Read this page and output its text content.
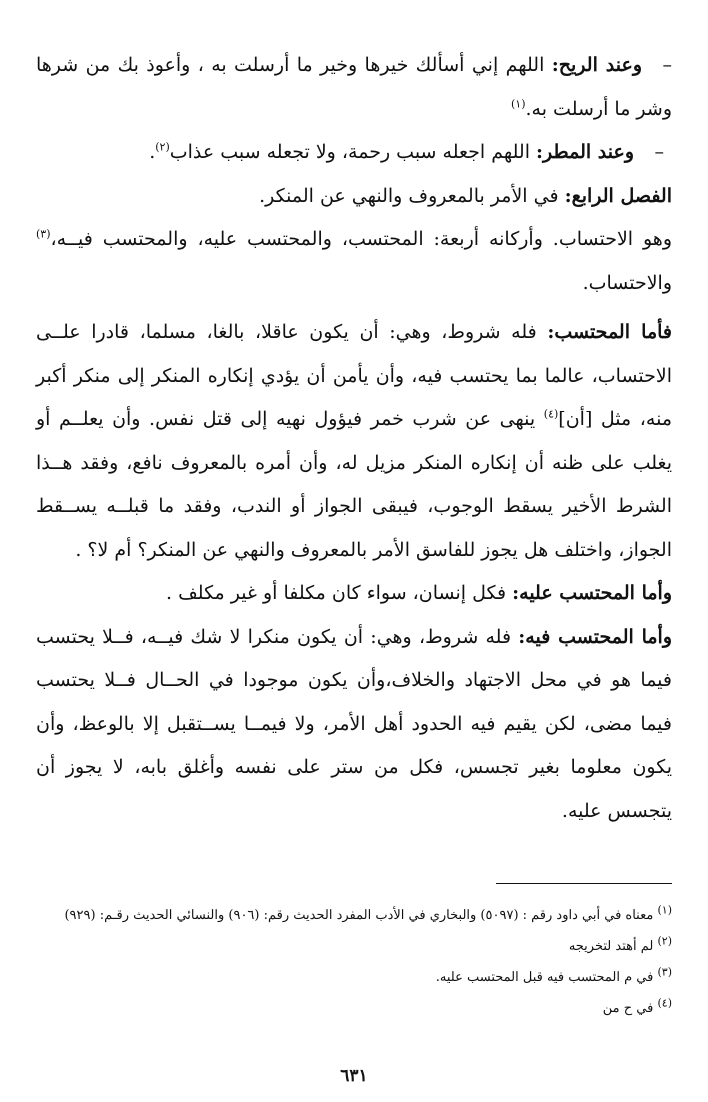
–وعند الريح: اللهم إني أسألك خيرها وخير ما أرسلت به ، وأعوذ بك من شرها وشر ما أرسلت به.$^{(١)}$

–وعند المطر: اللهم اجعله سبب رحمة، ولا تجعله سبب عذاب$^{(٢)}$.

الفصل الرابع: في الأمر بالمعروف والنهي عن المنكر.

وهو الاحتساب. وأركانه أربعة: المحتسب، والمحتسب عليه، والمحتسب فيــه،$^{(٣)}$ والاحتساب.

فأما المحتسب: فله شروط، وهي: أن يكون عاقلا، بالغا، مسلما، قادرا علــى الاحتساب، عالما بما يحتسب فيه، وأن يأمن أن يؤدي إنكاره المنكر إلى منكر أكبر منه، مثل [أن]$^{(٤)}$ ينهى عن شرب خمر فيؤول نهيه إلى قتل نفس. وأن يعلــم أو يغلب على ظنه أن إنكاره المنكر مزيل له، وأن أمره بالمعروف نافع، وفقد هــذا الشرط الأخير يسقط الوجوب، فيبقى الجواز أو الندب، وفقد ما قبلــه يســقط الجواز، واختلف هل يجوز للفاسق الأمر بالمعروف والنهي عن المنكر؟ أم لا؟ .

وأما المحتسب عليه: فكل إنسان، سواء كان مكلفا أو غير مكلف .

وأما المحتسب فيه: فله شروط، وهي: أن يكون منكرا لا شك فيــه، فــلا يحتسب فيما هو في محل الاجتهاد والخلاف،وأن يكون موجودا في الحــال فــلا يحتسب فيما مضى، لكن يقيم فيه الحدود أهل الأمر، ولا فيمــا يســتقبل إلا بالوعظ، وأن يكون معلوما بغير تجسس، فكل من ستر على نفسه وأغلق بابه، لا يجوز أن يتجسس عليه.

$^{(١)}$ معناه في أبي داود رقم : (٥٠٩٧) والبخاري في الأدب المفرد الحديث رقم: (٩٠٦) والنسائي الحديث رقـم: (٩٢٩)

$^{(٢)}$ لم أهتد لتخريجه

$^{(٣)}$ في م المحتسب فيه قبل المحتسب عليه.

$^{(٤)}$ في ح من

٦٣١
